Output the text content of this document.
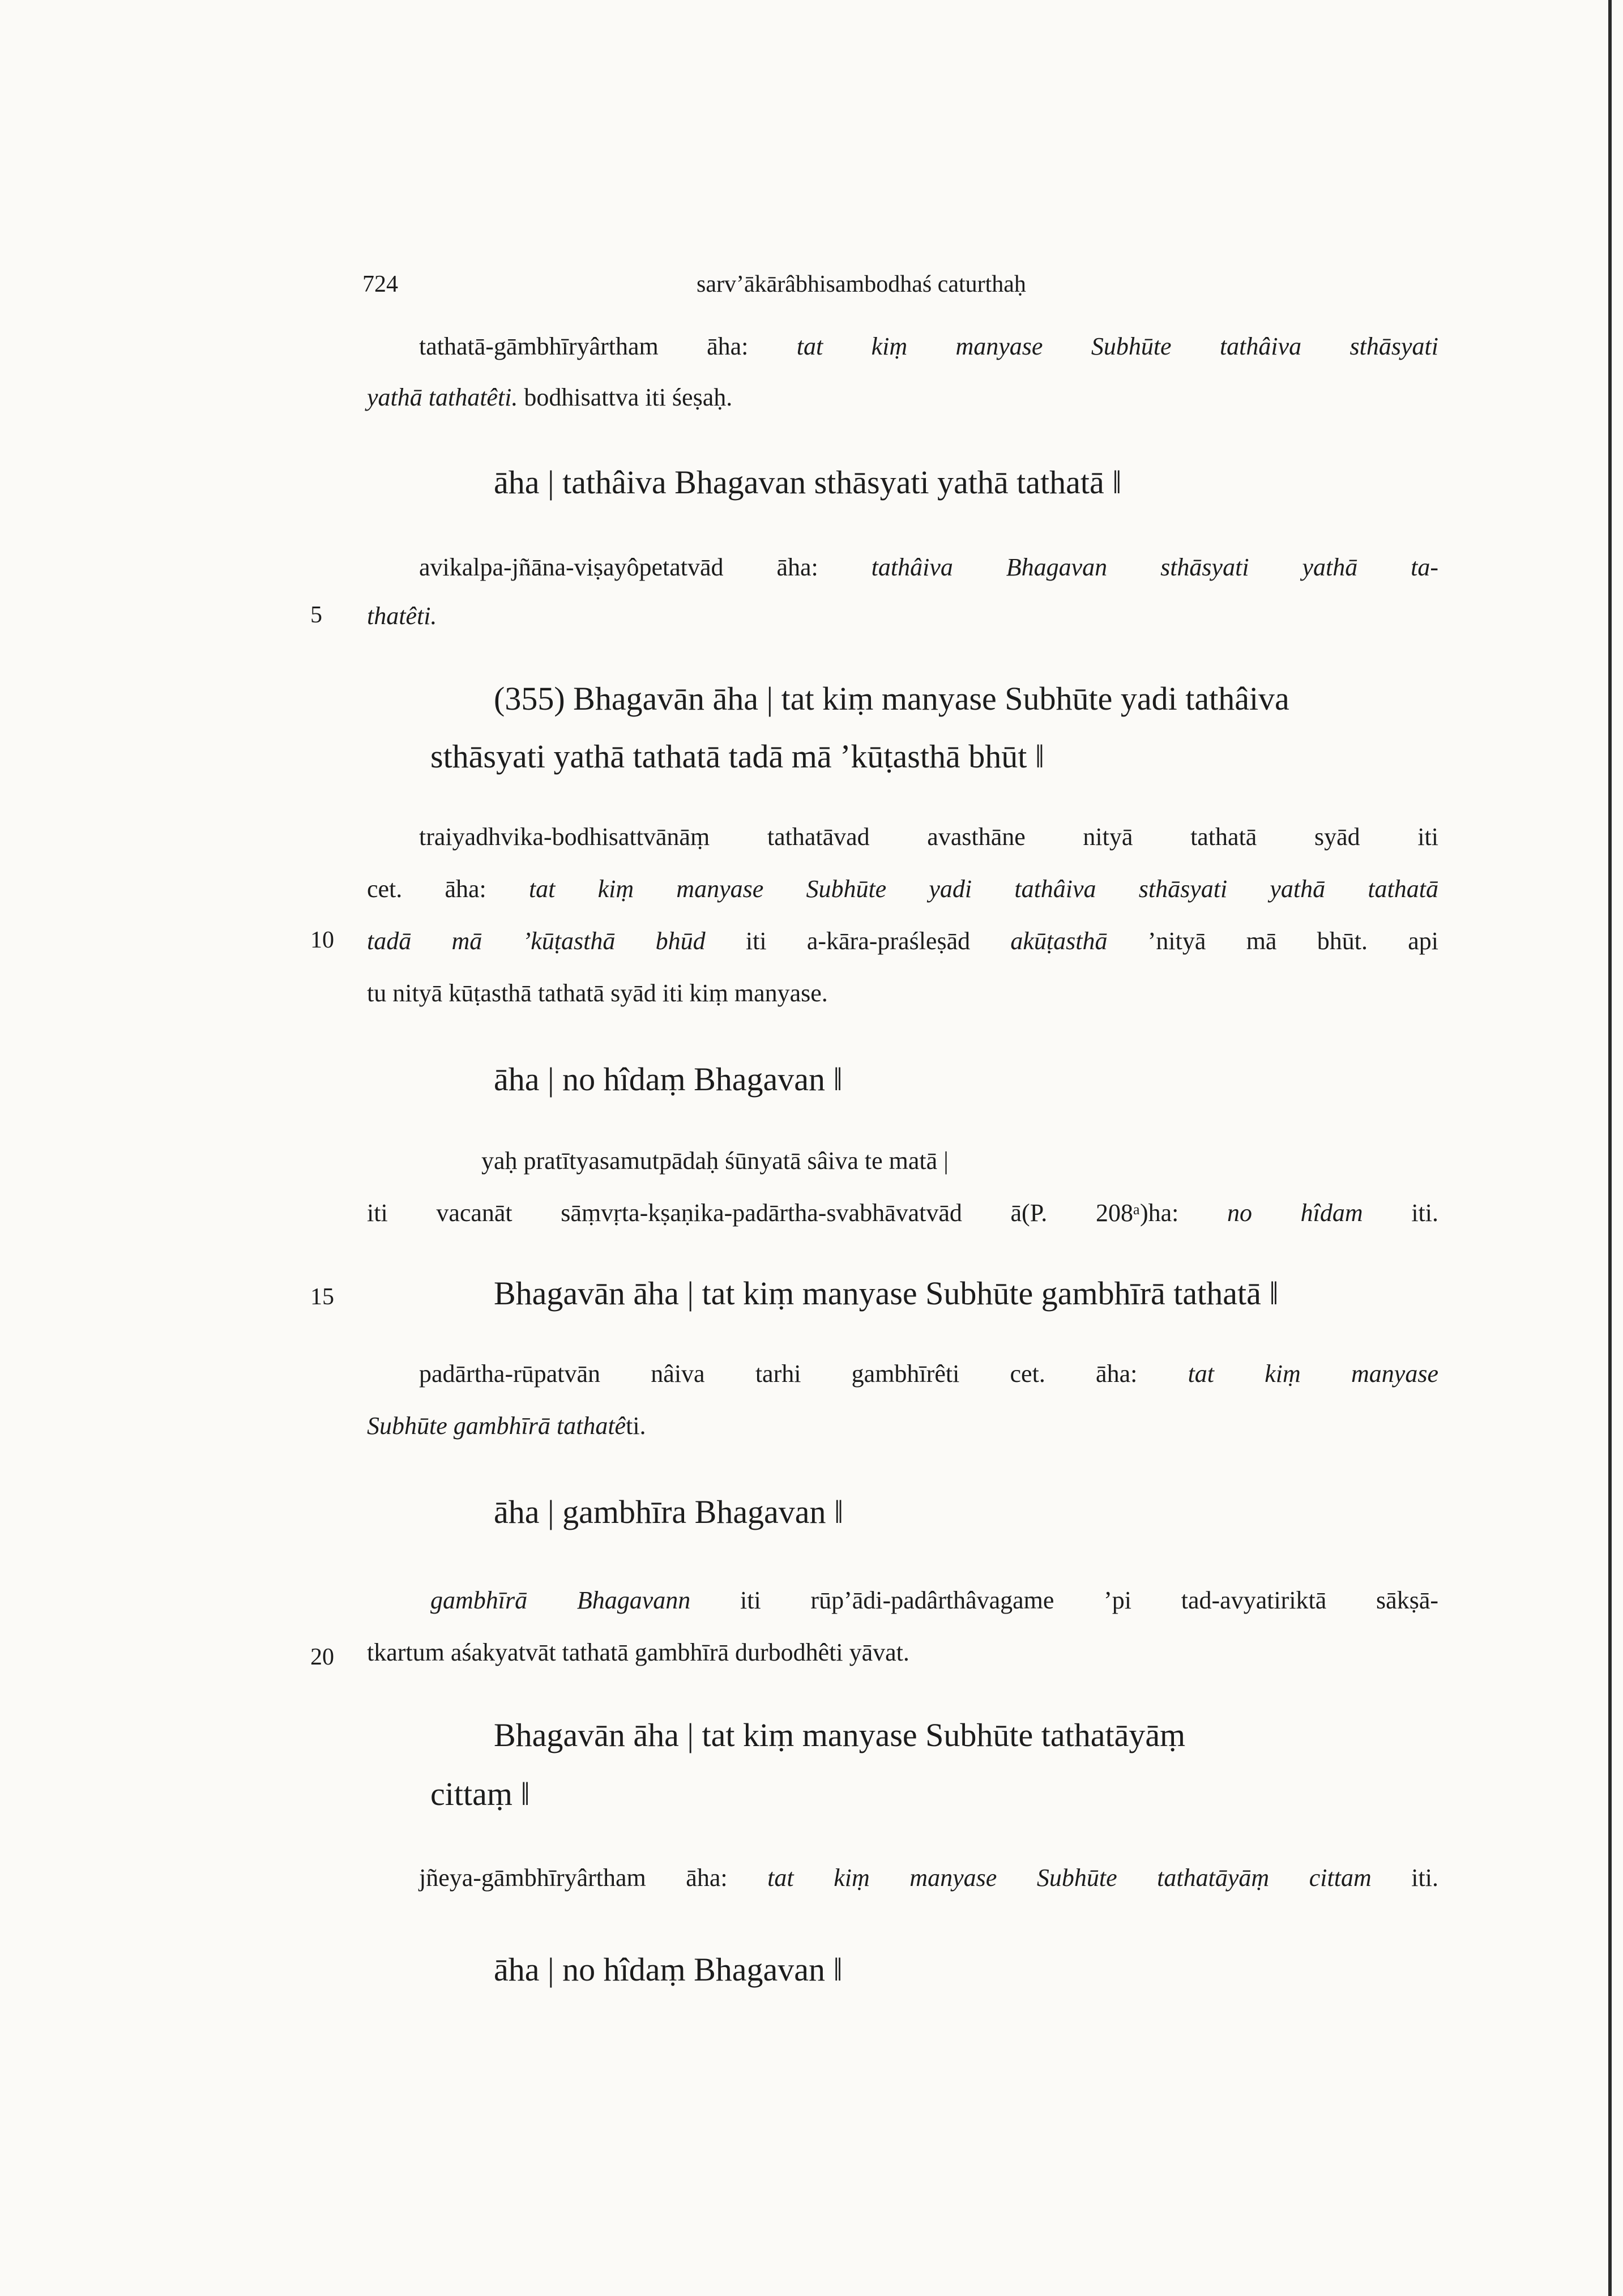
724	sarv’ākārâbhisambodhaś caturthaḥ
5
10
15
20
tathatā-gāmbhīryârtham āha: tat kiṃ manyase Subhūte tathâiva sthāsyati
yathā tathatêti. bodhisattva iti śeṣaḥ.
āha | tathâiva Bhagavan sthāsyati yathā tathatā ‖
avikalpa-jñāna-viṣayôpetatvād āha: tathâiva Bhagavan sthāsyati yathā ta-
thatêti.
(355) Bhagavān āha | tat kiṃ manyase Subhūte yadi tathâiva
sthāsyati yathā tathatā tadā mā ’kūṭasthā bhūt ‖
traiyadhvika-bodhisattvānāṃ tathatāvad avasthāne nityā tathatā syād iti
cet. āha: tat kiṃ manyase Subhūte yadi tathâiva sthāsyati yathā tathatā
tadā mā ’kūṭasthā bhūd iti a-kāra-praśleṣād akūṭasthā ’nityā mā bhūt. api
tu nityā kūṭasthā tathatā syād iti kiṃ manyase.
āha | no hîdaṃ Bhagavan ‖
yaḥ pratītyasamutpādaḥ śūnyatā sâiva te matā |
iti vacanāt sāṃvṛta-kṣaṇika-padārtha-svabhāvatvād ā(P. 208ᵃ)ha: no hîdam iti.
Bhagavān āha | tat kiṃ manyase Subhūte gambhīrā tathatā ‖
padārtha-rūpatvān nâiva tarhi gambhīrêti cet. āha: tat kiṃ manyase
Subhūte gambhīrā tathatêti.
āha | gambhīra Bhagavan ‖
gambhīrā Bhagavann iti rūp’ādi-padârthâvagame ’pi tad-avyatiriktā sākṣā-
tkartum aśakyatvāt tathatā gambhīrā durbodhêti yāvat.
Bhagavān āha | tat kiṃ manyase Subhūte tathatāyāṃ
cittaṃ ‖
jñeya-gāmbhīryârtham āha: tat kiṃ manyase Subhūte tathatāyāṃ cittam iti.
āha | no hîdaṃ Bhagavan ‖
